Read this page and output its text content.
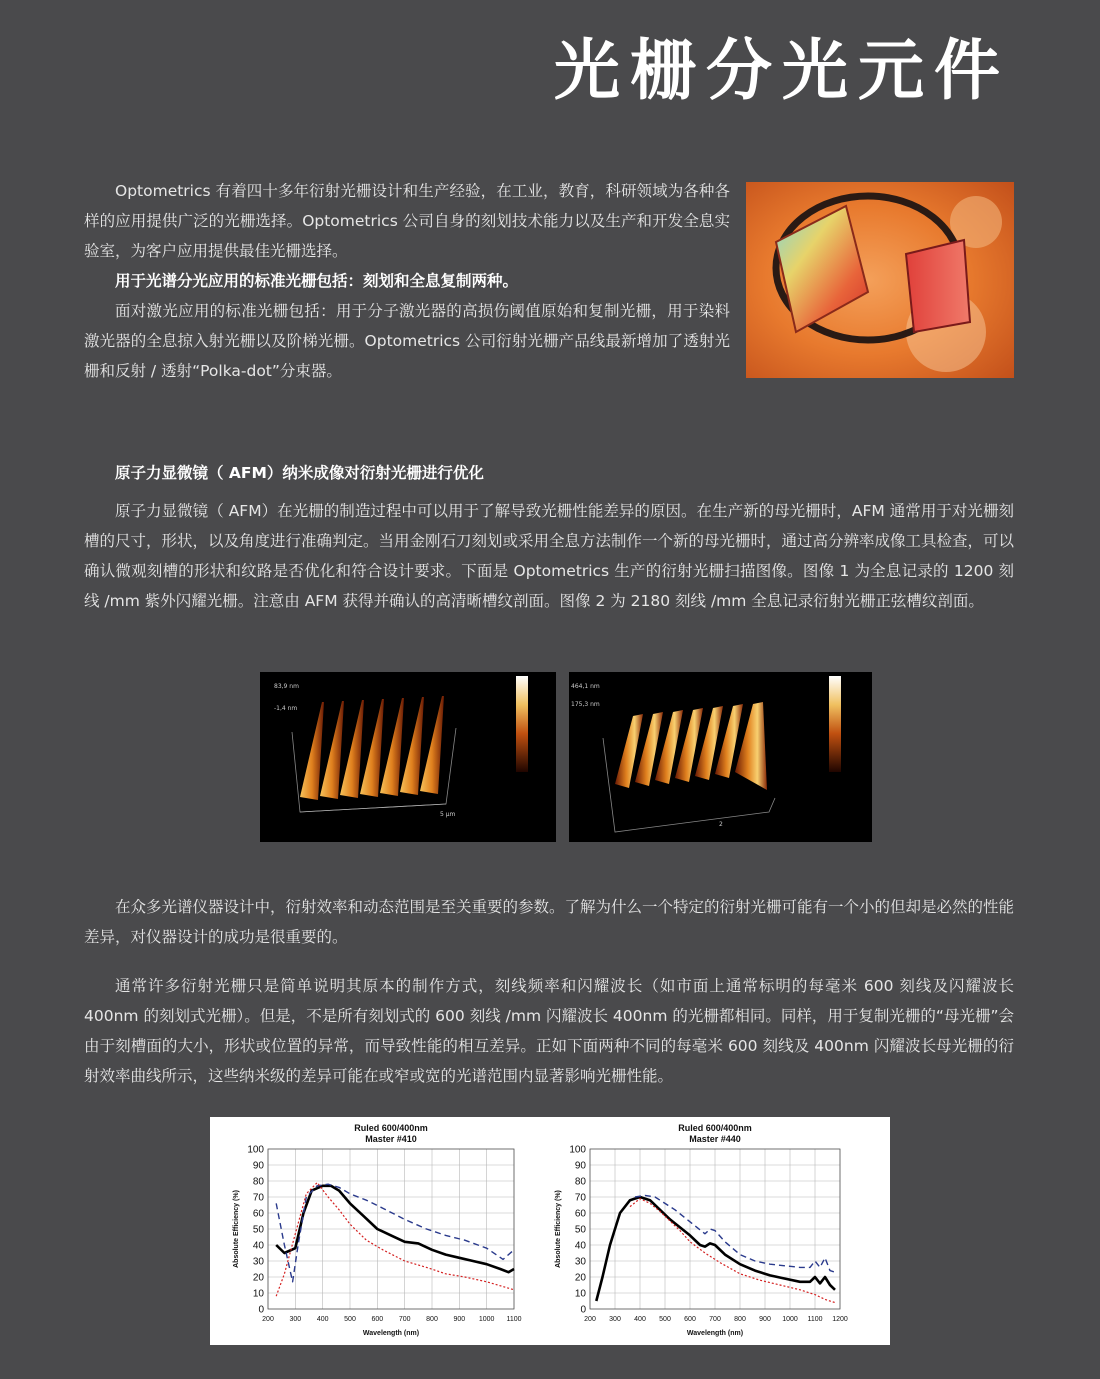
光栅分光元件

Optometrics 有着四十多年衍射光栅设计和生产经验，在工业，教育，科研领域为各种各样的应用提供广泛的光栅选择。Optometrics 公司自身的刻划技术能力以及生产和开发全息实验室，为客户应用提供最佳光栅选择。

用于光谱分光应用的标准光栅包括：刻划和全息复制两种。

面对激光应用的标准光栅包括：用于分子激光器的高损伤阈值原始和复制光栅，用于染料激光器的全息掠入射光栅以及阶梯光栅。Optometrics 公司衍射光栅产品线最新增加了透射光栅和反射 / 透射“Polka-dot”分束器。

原子力显微镜（ AFM）纳米成像对衍射光栅进行优化

原子力显微镜（ AFM）在光栅的制造过程中可以用于了解导致光栅性能差异的原因。在生产新的母光栅时，AFM 通常用于对光栅刻槽的尺寸，形状，以及角度进行准确判定。当用金刚石刀刻划或采用全息方法制作一个新的母光栅时，通过高分辨率成像工具检查，可以确认微观刻槽的形状和纹路是否优化和符合设计要求。下面是 Optometrics 生产的衍射光栅扫描图像。图像 1 为全息记录的 1200 刻线 /mm 紫外闪耀光栅。注意由 AFM 获得并确认的高清晰槽纹剖面。图像 2 为 2180 刻线 /mm 全息记录衍射光栅正弦槽纹剖面。

83,9 nm
-1,4 nm
5 µm
464,1 nm
175,3 nm
2

在众多光谱仪器设计中，衍射效率和动态范围是至关重要的参数。了解为什么一个特定的衍射光栅可能有一个小的但却是必然的性能差异，对仪器设计的成功是很重要的。

通常许多衍射光栅只是简单说明其原本的制作方式，刻线频率和闪耀波长（如市面上通常标明的每毫米 600 刻线及闪耀波长 400nm 的刻划式光栅）。但是，不是所有刻划式的 600 刻线 /mm 闪耀波长 400nm 的光栅都相同。同样，用于复制光栅的“母光栅”会由于刻槽面的大小，形状或位置的异常，而导致性能的相互差异。正如下面两种不同的每毫米 600 刻线及 400nm 闪耀波长母光栅的衍射效率曲线所示，这些纳米级的差异可能在或窄或宽的光谱范围内显著影响光栅性能。

Ruled 600/400nm
Master #410
0
10
20
30
40
50
60
70
80
90
100
200 300 400 500 600 700 800 900 1000 1100
Wavelength (nm)
Absolute Efficiency (%)
Ruled 600/400nm
Master #440
0
10
20
30
40
50
60
70
80
90
100
200 300 400 500 600 700 800 900 1000 1100 1200
Wavelength (nm)
Absolute Efficiency (%)
